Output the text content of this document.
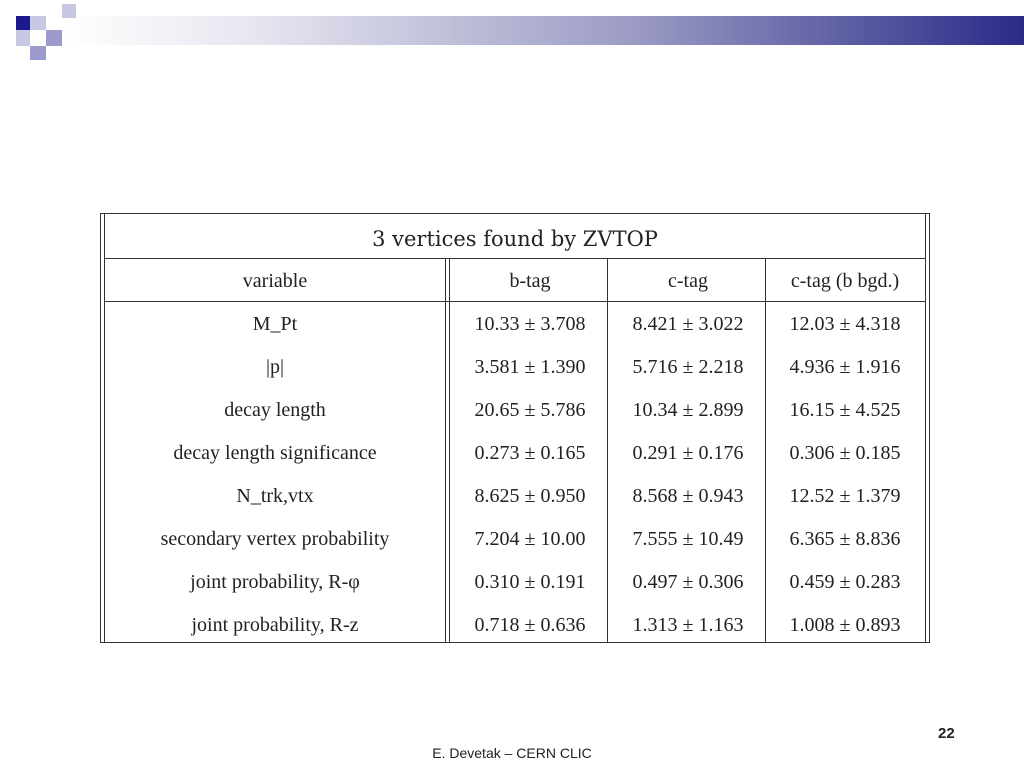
3 vertices found by ZVTOP
variable	b-tag	c-tag	c-tag (b bgd.)
M_Pt	10.33 ± 3.708	8.421 ± 3.022	12.03 ± 4.318
|p|	3.581 ± 1.390	5.716 ± 2.218	4.936 ± 1.916
decay length	20.65 ± 5.786	10.34 ± 2.899	16.15 ± 4.525
decay length significance	0.273 ± 0.165	0.291 ± 0.176	0.306 ± 0.185
N_trk,vtx	8.625 ± 0.950	8.568 ± 0.943	12.52 ± 1.379
secondary vertex probability	7.204 ± 10.00	7.555 ± 10.49	6.365 ± 8.836
joint probability, R-φ	0.310 ± 0.191	0.497 ± 0.306	0.459 ± 0.283
joint probability, R-z	0.718 ± 0.636	1.313 ± 1.163	1.008 ± 0.893
22
E. Devetak – CERN CLIC
